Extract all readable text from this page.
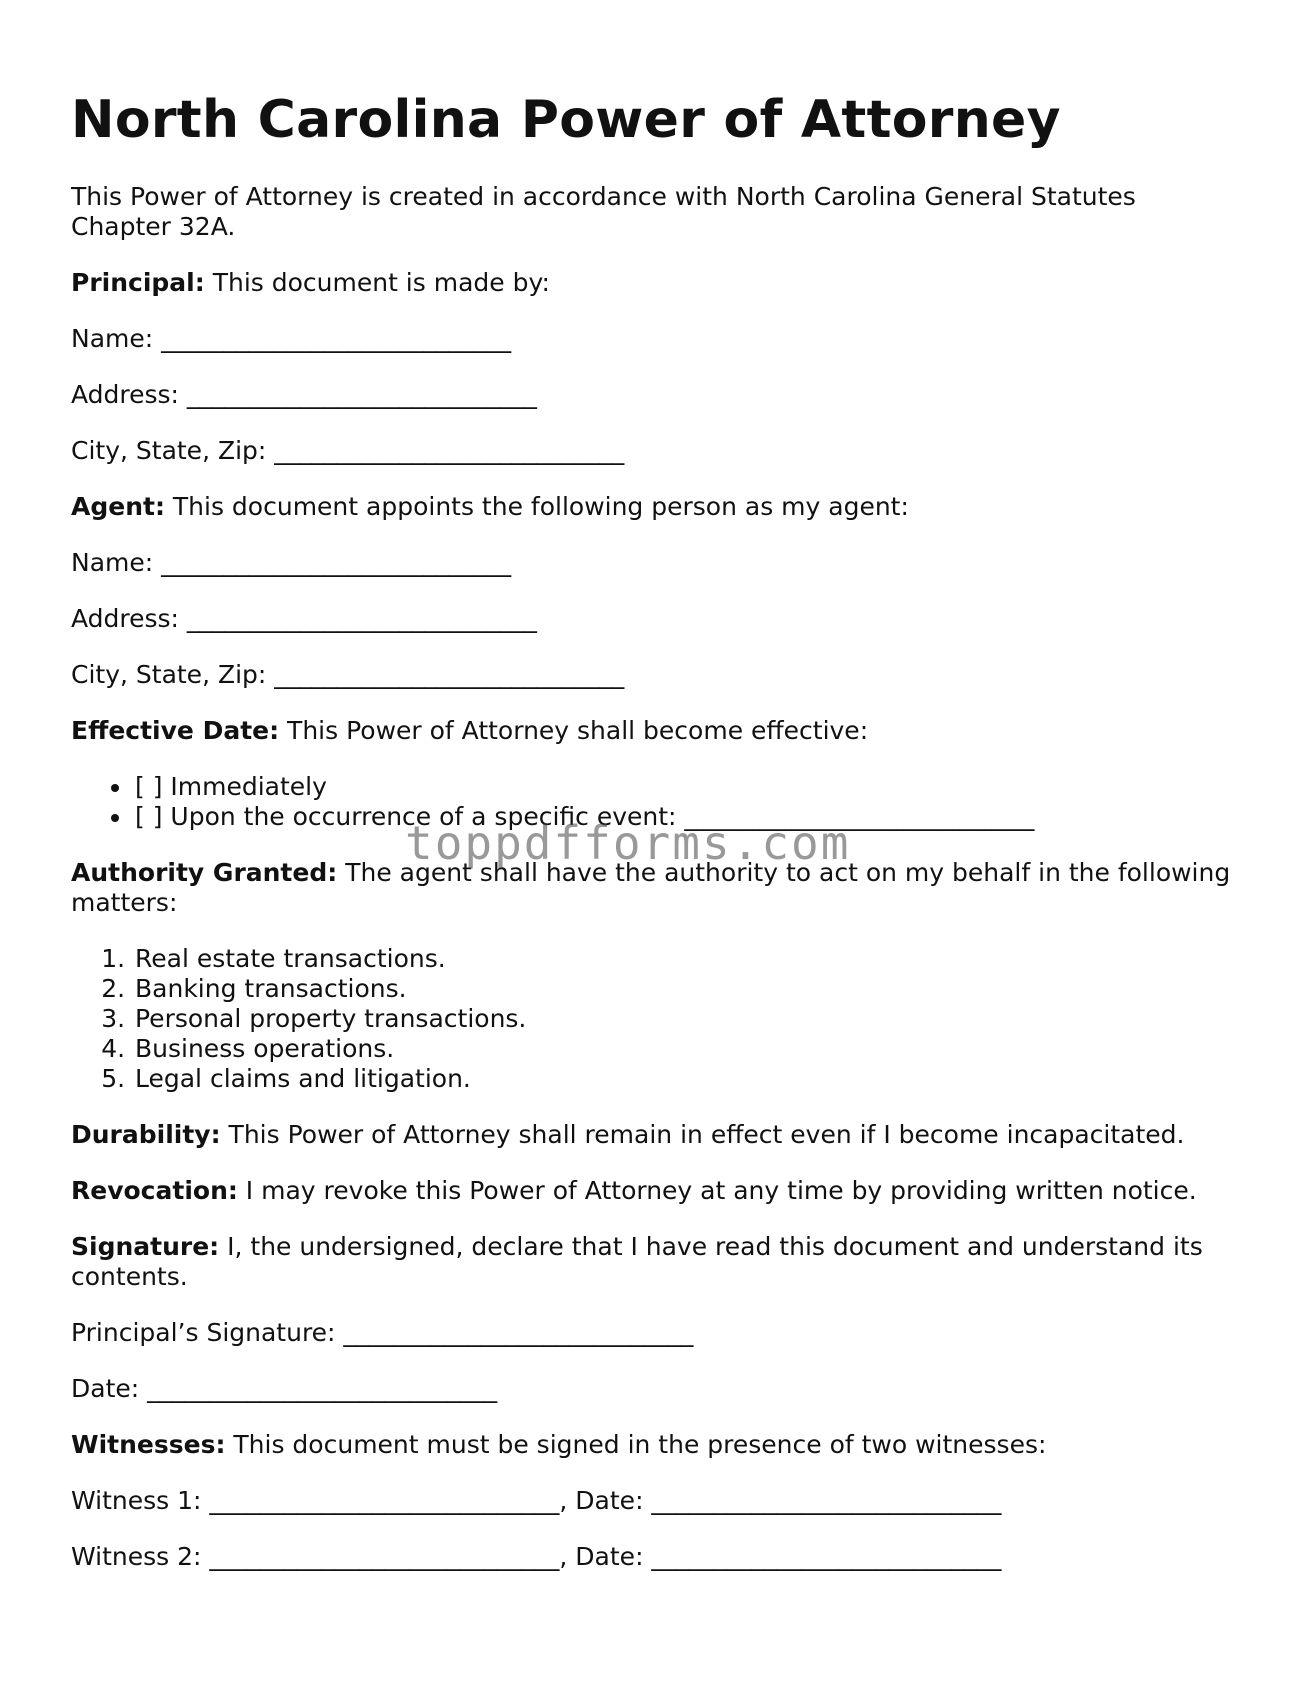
North Carolina Power of Attorney

This Power of Attorney is created in accordance with North Carolina General Statutes Chapter 32A.

Principal: This document is made by:

Name: ____________________________

Address: ____________________________

City, State, Zip: ____________________________

Agent: This document appoints the following person as my agent:

Name: ____________________________

Address: ____________________________

City, State, Zip: ____________________________

Effective Date: This Power of Attorney shall become effective:

• [ ] Immediately
• [ ] Upon the occurrence of a specific event: ____________________________

Authority Granted: The agent shall have the authority to act on my behalf in the following matters:

1. Real estate transactions.
2. Banking transactions.
3. Personal property transactions.
4. Business operations.
5. Legal claims and litigation.

Durability: This Power of Attorney shall remain in effect even if I become incapacitated.

Revocation: I may revoke this Power of Attorney at any time by providing written notice.

Signature: I, the undersigned, declare that I have read this document and understand its contents.

Principal’s Signature: ____________________________

Date: ____________________________

Witnesses: This document must be signed in the presence of two witnesses:

Witness 1: ____________________________, Date: ____________________________

Witness 2: ____________________________, Date: ____________________________

toppdfforms.com
